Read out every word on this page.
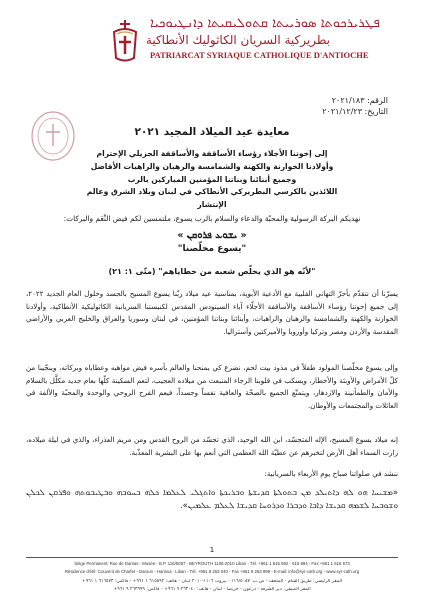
ܦܛܪܝܪܟܘܬܐ ܣܘܪܝܝܬܐ ܩܬܘܠܝܩܝܬܐ ܕܐܢܛܝܘܟܝܐ
بطريركية السريان الكاثوليك الأنطاكية
PATRIARCAT SYRIAQUE CATHOLIQUE D'ANTIOCHE
الرقم: ٢٠٢١/١٨٣
التاريخ: ٢٠٢١/١٢/٢٣
معايدة عيد الميلاد المجيد ٢٠٢١
إلى إخوتنا الأجلاء رؤساء الأساقفة والأساقفة الجزيلي الإحترام
وأولادنا الخوارنة والكهنة والشمامسة والرهبان والراهبات الأفاضل
وجميع أبنائنا وبناتنا المؤمنين المباركين بالرب
اللائذين بالكرسي البطريركي الأنطاكي في لبنان وبلاد الشرق وعالم الإنتشار
نهديكم البركة الرسولية والمحبّة والدعاء والسلام بالرب يسوع، ملتمسين لكم فيض النِّعَم والبركات:
« ܝܫܘܥ ܦܪܘܩܢ »
"يسوع مخلّصنا"
"لأنّه هو الذي يخلّص شعبه من خطاياهم" (متّى ١: ٢١)
يسرّنا أن نتقدّم بأحرّ التهاني القلبية مع الأدعية الأبوية، بمناسبة عيد ميلاد ربّنا يسوع المسيح بالجسد وحلول العام الجديد ٢٠٢٢، إلى جميع إخوتنا رؤساء الأساقفة والأساقفة الأجلّاء آباء السينودس المقدس لكنيستنا السريانية الكاثوليكية الأنطاكية، وأولادنا الخوارنة والكهنة والشمامسة والرهبان والراهبات، وأبنائنا وبناتنا المؤمنين، في لبنان وسوريا والعراق والخليج العربي والأراضي المقدسة والأردن ومصر وتركيا وأوروبا والأميركتين وأستراليا.
وإلى يسوع مخلّصنا المولود طفلاً في مذود بيت لحم، نضرع كي يمنحنا والعالم بأسره فيض مواهبه وعطاياه وبركاته، وينجّينا من كلّ الأمراض والأوبئة والأخطار، ويسكب في قلوبنا الرجاء المنبعث من ميلاده العجيب، لتعم السكينة كلّها بعام جديد مكلَّل بالسلام والأمان والطمأنينة والازدهار، ويتمتّع الجميع بالصحّة والعافية نفساً وجسداً، فيعم الفرح الروحي والوحدة والمحبّة والألفة في العائلات والمجتمعات والأوطان.
إنه ميلاد يسوع المسيح، الإله المتجسّد، ابن الله الوحيد، الذي تجسّد من الروح القدس ومن مريم العذراء، والذي في ليلة ميلاده، زارت السماء أهل الأرض لتخبرهم عن عطيّة الله العظمى التي أنعم بها على البشرية المعذّبة.
ننشد في صلواتنا صباح يوم الأربعاء بالسريانية:
«ܡܫܝܚܐ ܗܘ ܠܗ ܕܐܬܝܠܕ ܡܢ ܒܬܘܠܬܐ ܩܕܝܫܬܐ ܘܒܪܝܟܬܐ ܘܐܬܓܠܝ ܠܥܠܡܐ ܟܠܗ ܒܚܘܒܗ ܘܒܛܝܒܘܬܗ ܘܦܪܩܢ ܠܟܠܢ ܘܫܘܒܚܐ ܠܫܡܗ ܩܕܝܫܐ ܕܐܒܐ ܘܕܒܪܐ ܘܕܪܘܚܐ ܩܕܝܫܐ ܠܥܠܡ ܥܠܡܝܢ».
1
Siège Permanent: Rue de Damas - Musée - B.P. 116/5087 - BEYROUTH 1106-2010 Liban - Tél. +961 1 615 892 - 615 894 - Fax +961 1 616 573
Résidence d'été: Couvent de Charfet - Daroun - Harissa - Liban - Tél. +961 9 263 040 - Fax +961 9 263 999 - E-mail: info@syr-cath.org - www.syr-cath.org
المقر الرئيسي: طريق الشام - المتحف - ص.ب. ١١٦/٥٠٨٧ - بيروت ١١٠٦-٢٠١٠ لبنان - هاتف: ٦١٥٨٩٢ ١ ٩٦١+ - فاكس: ٦١٦٥٧٣ ١ ٩٦١+
المقر الصيفي: دير الشرفة - درعون - حريصا - لبنان - هاتف: ٢٦٣٠٤٠ ٩ ٩٦١+ - فاكس: ٢٦٣٩٩٩ ٩ ٩٦١+
